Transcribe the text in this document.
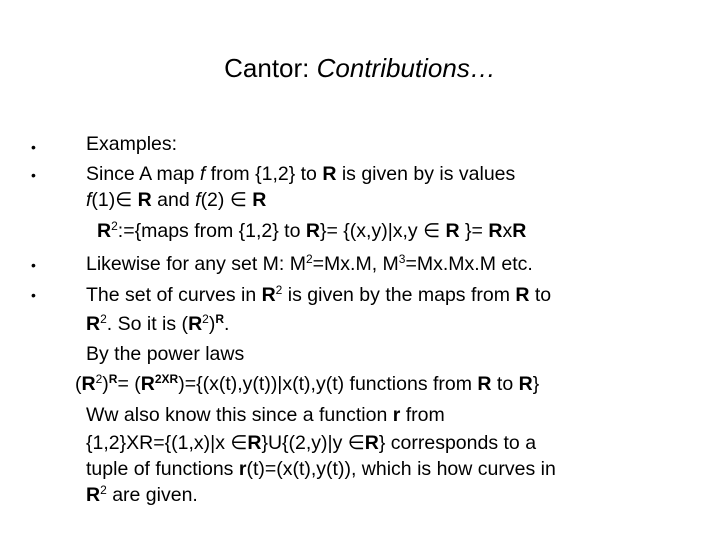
Cantor: Contributions…
•
•
•
•
Examples:
Since A map f from {1,2} to R is given by is values
f(1)∈ R and f(2) ∈ R
$R^2:=\{maps$ from {1,2} to R}= {(x,y)|x,y ∈ R }= RxR
Likewise for any set M: $M^2=Mx.M$, $M^3=Mx.Mx.M$ etc.
The set of curves in $R^2$ is given by the maps from R to
$R^2$. So it is $(R^2)^R$.
By the power laws
$(R^2)^R= (R^{2XR})=\{(x(t),y(t))|x(t),y(t)$ functions from R to R}
Ww also know this since a function r from
{1,2}XR={(1,x)|x ∈R}U{(2,y)|y ∈R} corresponds to a
tuple of functions r(t)=(x(t),y(t)), which is how curves in
$R^2$ are given.
